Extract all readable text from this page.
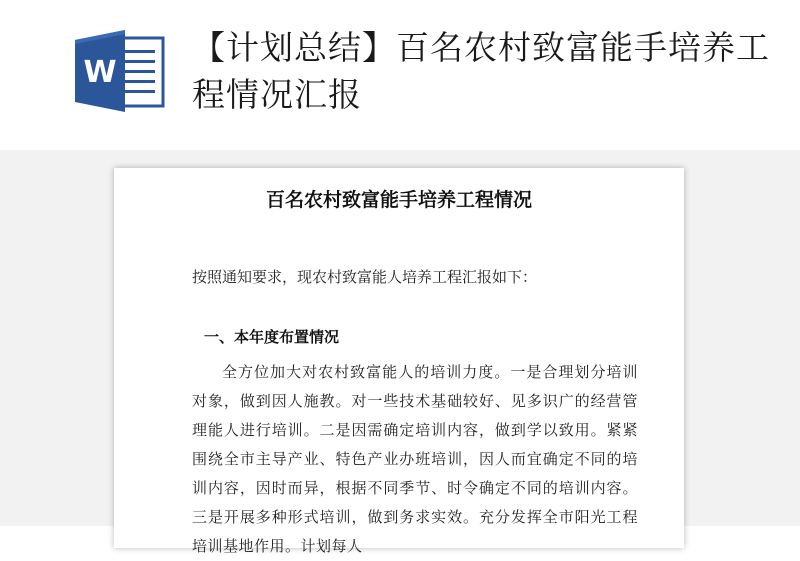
W
【计划总结】百名农村致富能手培养工程情况汇报
百名农村致富能手培养工程情况

按照通知要求，现农村致富能人培养工程汇报如下：

一、本年度布置情况

全方位加大对农村致富能人的培训力度。一是合理划分培训对象，做到因人施教。对一些技术基础较好、见多识广的经营管理能人进行培训。二是因需确定培训内容，做到学以致用。紧紧围绕全市主导产业、特色产业办班培训，因人而宜确定不同的培训内容，因时而异，根据不同季节、时令确定不同的培训内容。三是开展多种形式培训，做到务求实效。充分发挥全市阳光工程培训基地作用。计划每人
